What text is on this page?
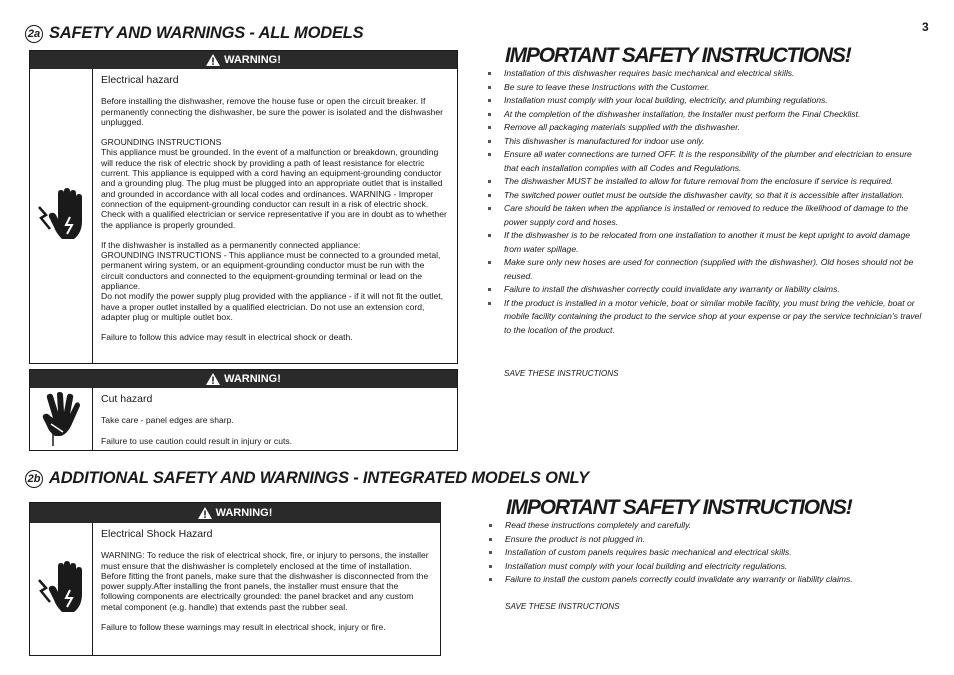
3
2a SAFETY AND WARNINGS - ALL MODELS
WARNING!
Electrical hazard

Before installing the dishwasher, remove the house fuse or open the circuit breaker. If permanently connecting the dishwasher, be sure the power is isolated and the dishwasher unplugged.

GROUNDING INSTRUCTIONS
This appliance must be grounded. In the event of a malfunction or breakdown, grounding will reduce the risk of electric shock by providing a path of least resistance for electric current. This appliance is equipped with a cord having an equipment-grounding conductor and a grounding plug. The plug must be plugged into an appropriate outlet that is installed and grounded in accordance with all local codes and ordinances. WARNING - Improper connection of the equipment-grounding conductor can result in a risk of electric shock. Check with a qualified electrician or service representative if you are in doubt as to whether the appliance is properly grounded.

If the dishwasher is installed as a permanently connected appliance:
GROUNDING INSTRUCTIONS - This appliance must be connected to a grounded metal, permanent wiring system, or an equipment-grounding conductor must be run with the circuit conductors and connected to the equipment-grounding terminal or lead on the appliance.
Do not modify the power supply plug provided with the appliance - if it will not fit the outlet, have a proper outlet installed by a qualified electrician. Do not use an extension cord, adapter plug or multiple outlet box.

Failure to follow this advice may result in electrical shock or death.

WARNING!
Cut hazard

Take care - panel edges are sharp.

Failure to use caution could result in injury or cuts.

IMPORTANT SAFETY INSTRUCTIONS!
Installation of this dishwasher requires basic mechanical and electrical skills.
Be sure to leave these Instructions with the Customer.
Installation must comply with your local building, electricity, and plumbing regulations.
At the completion of the dishwasher installation, the Installer must perform the Final Checklist.
Remove all packaging materials supplied with the dishwasher.
This dishwasher is manufactured for indoor use only.
Ensure all water connections are turned OFF. It is the responsibility of the plumber and electrician to ensure that each installation complies with all Codes and Regulations.
The dishwasher MUST be installed to allow for future removal from the enclosure if service is required.
The switched power outlet must be outside the dishwasher cavity, so that it is accessible after installation.
Care should be taken when the appliance is installed or removed to reduce the likelihood of damage to the power supply cord and hoses.
If the dishwasher is to be relocated from one installation to another it must be kept upright to avoid damage from water spillage.
Make sure only new hoses are used for connection (supplied with the dishwasher). Old hoses should not be reused.
Failure to install the dishwasher correctly could invalidate any warranty or liability claims.
If the product is installed in a motor vehicle, boat or similar mobile facility, you must bring the vehicle, boat or mobile facility containing the product to the service shop at your expense or pay the service technician’s travel to the location of the product.
SAVE THESE INSTRUCTIONS
2b ADDITIONAL SAFETY AND WARNINGS - INTEGRATED MODELS ONLY
WARNING!
Electrical Shock Hazard

WARNING: To reduce the risk of electrical shock, fire, or injury to persons, the installer must ensure that the dishwasher is completely enclosed at the time of installation.
Before fitting the front panels, make sure that the dishwasher is disconnected from the power supply.After installing the front panels, the installer must ensure that the following components are electrically grounded: the panel bracket and any custom metal component (e.g. handle) that extends past the rubber seal.

Failure to follow these warnings may result in electrical shock, injury or fire.

IMPORTANT SAFETY INSTRUCTIONS!
Read these instructions completely and carefully.
Ensure the product is not plugged in.
Installation of custom panels requires basic mechanical and electrical skills.
Installation must comply with your local building and electricity regulations.
Failure to install the custom panels correctly could invalidate any warranty or liability claims.
SAVE THESE INSTRUCTIONS
